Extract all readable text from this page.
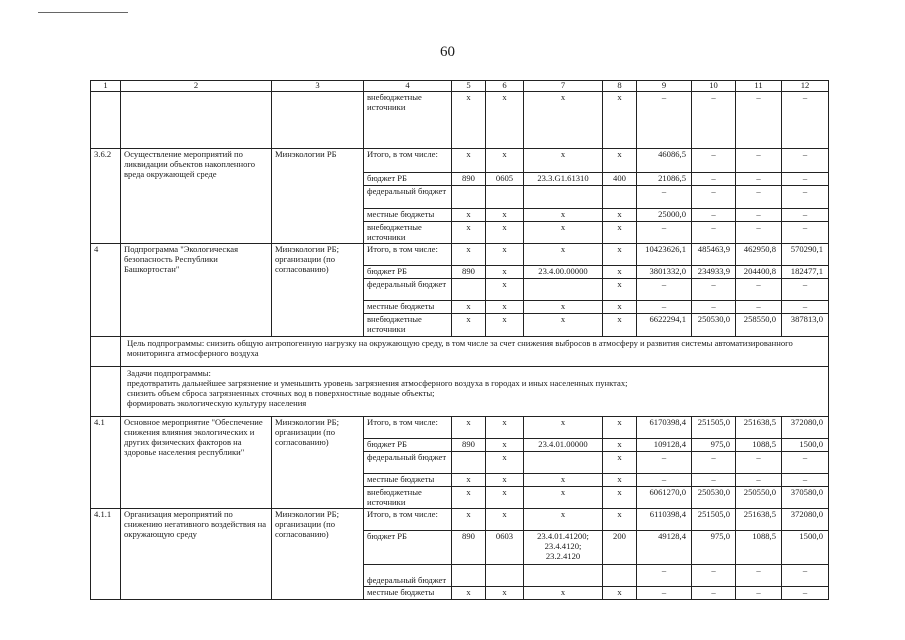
60
1	2	3	4	5	6	7	8	9	10	11	12
			внебюджетные источники	х	х	х	х	–	–	–	–
3.6.2	Осуществление мероприятий по ликвидации объектов накопленного вреда окружающей среде	Минэкологии РБ	Итого, в том числе:	х	х	х	х	46086,5	–	–	–
			бюджет РБ	890	0605	23.3.G1.61310	400	21086,5	–	–	–
			федеральный бюджет					–	–	–	–
			местные бюджеты	х	х	х	х	25000,0	–	–	–
			внебюджетные источники	х	х	х	х	–	–	–	–
4	Подпрограмма "Экологическая безопасность Республики Башкортостан"	Минэкологии РБ; организации (по согласованию)	Итого, в том числе:	х	х	х	х	10423626,1	485463,9	462950,8	570290,1
			бюджет РБ	890	х	23.4.00.00000	х	3801332,0	234933,9	204400,8	182477,1
			федеральный бюджет		х		х	–	–	–	–
			местные бюджеты	х	х	х	х	–	–	–	–
			внебюджетные источники	х	х	х	х	6622294,1	250530,0	258550,0	387813,0
	Цель подпрограммы: снизить общую антропогенную нагрузку на окружающую среду, в том числе за счет снижения выбросов в атмосферу и развития системы автоматизированного мониторинга атмосферного воздуха										

	Задачи подпрограммы:
предотвратить дальнейшее загрязнение и уменьшить уровень загрязнения атмосферного воздуха в городах и иных населенных пунктах;
снизить объем сброса загрязненных сточных вод в поверхностные водные объекты;
формировать экологическую культуру населения										

4.1	Основное мероприятие "Обеспечение снижения влияния экологических и других физических факторов на здоровье населения республики"	Минэкологии РБ; организации (по согласованию)	Итого, в том числе:	х	х	х	х	6170398,4	251505,0	251638,5	372080,0
			бюджет РБ	890	х	23.4.01.00000	х	109128,4	975,0	1088,5	1500,0
			федеральный бюджет		х		х	–	–	–	–
			местные бюджеты	х	х	х	х	–	–	–	–
			внебюджетные источники	х	х	х	х	6061270,0	250530,0	250550,0	370580,0
4.1.1	Организация мероприятий по снижению негативного воздействия на окружающую среду	Минэкологии РБ; организации (по согласованию)	Итого, в том числе:	х	х	х	х	6110398,4	251505,0	251638,5	372080,0
			бюджет РБ	890	0603	23.4.01.41200; 23.4.4120; 23.2.4120	200	49128,4	975,0	1088,5	1500,0
			федеральный бюджет					–	–	–	–
			местные бюджеты	х	х	х	х	–	–	–	–
